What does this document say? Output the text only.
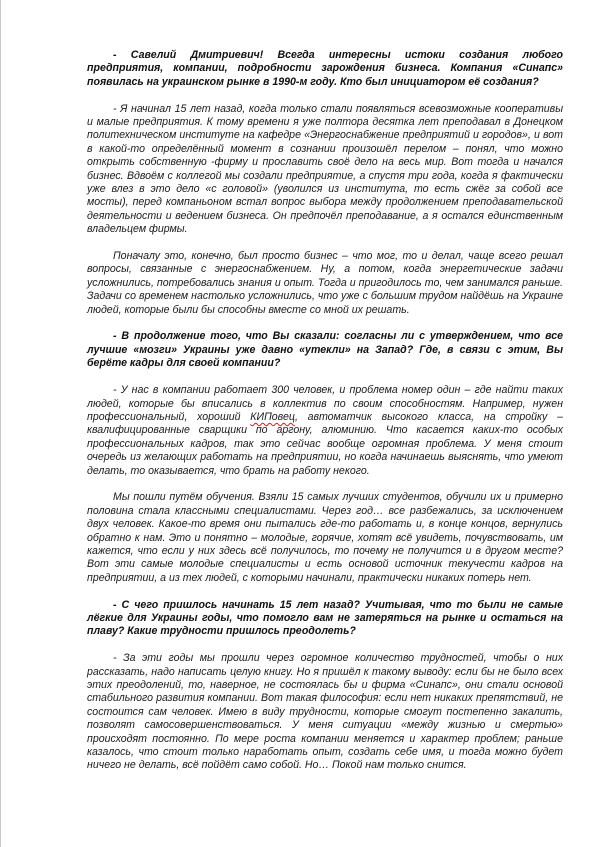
- Савелий Дмитриевич! Всегда интересны истоки создания любого предприятия, компании, подробности зарождения бизнеса. Компания «Синапс» появилась на украинском рынке в 1990-м году. Кто был инициатором её создания?

- Я начинал 15 лет назад, когда только стали появляться всевозможные кооперативы и малые предприятия. К тому времени я уже полтора десятка лет преподавал в Донецком политехническом институте на кафедре «Энергоснабжение предприятий и городов», и вот в какой-то определённый момент в сознании произошёл перелом – понял, что можно открыть собственную -фирму и прославить своё дело на весь мир. Вот тогда и начался бизнес. Вдвоём с коллегой мы создали предприятие, а спустя три года, когда я фактически уже влез в это дело «с головой» (уволился из института, то есть сжёг за собой все мосты), перед компаньоном встал вопрос выбора между продолжением преподавательской деятельности и ведением бизнеса. Он предпочёл преподавание, а я остался единственным владельцем фирмы.

Поначалу это, конечно, был просто бизнес – что мог, то и делал, чаще всего решал вопросы, связанные с энергоснабжением. Ну, а потом, когда энергетические задачи усложнились, потребовались знания и опыт. Тогда и пригодилось то, чем занимался раньше. Задачи со временем настолько усложнились, что уже с большим трудом найдёшь на Украине людей, которые были бы способны вместе со мной их решать.

- В продолжение того, что Вы сказали: согласны ли с утверждением, что все лучшие «мозги» Украины уже давно «утекли» на Запад? Где, в связи с этим, Вы берёте кадры для своей компании?

- У нас в компании работает 300 человек, и проблема номер один – где найти таких людей, которые бы вписались в коллектив по своим способностям. Например, нужен профессиональный, хороший КИПовец, автоматчик высокого класса, на стройку –квалифицированные сварщики по аргону, алюминию. Что касается каких-то особых профессиональных кадров, так это сейчас вообще огромная проблема. У меня стоит очередь из желающих работать на предприятии, но когда начинаешь выяснять, что умеют делать, то оказывается, что брать на работу некого.

Мы пошли путём обучения. Взяли 15 самых лучших студентов, обучили их и примерно половина стала классными специалистами. Через год… все разбежались, за исключением двух человек. Какое-то время они пытались где-то работать и, в конце концов, вернулись обратно к нам. Это и понятно – молодые, горячие, хотят всё увидеть, почувствовать, им кажется, что если у них здесь всё получилось, то почему не получится и в другом месте? Вот эти самые молодые специалисты и есть основой источник текучести кадров на предприятии, а из тех людей, с которыми начинали, практически никаких потерь нет.

- С чего пришлось начинать 15 лет назад? Учитывая, что то были не самые лёгкие для Украины годы, что помогло вам не затеряться на рынке и остаться на плаву? Какие трудности пришлось преодолеть?

- За эти годы мы прошли через огромное количество трудностей, чтобы о них рассказать, надо написать целую книгу. Но я пришёл к такому выводу: если бы не было всех этих преодолений, то, наверное, не состоялась бы и фирма «Синапс», они стали основой стабильного развития компании. Вот такая философия: если нет никаких препятствий, не состоится сам человек. Имею в виду трудности, которые смогут постепенно закалить, позволят самосовершенствоваться. У меня ситуации «между жизнью и смертью» происходят постоянно. По мере роста компании меняется и характер проблем; раньше казалось, что стоит только наработать опыт, создать себе имя, и тогда можно будет ничего не делать, всё пойдёт само собой. Но… Покой нам только снится.
